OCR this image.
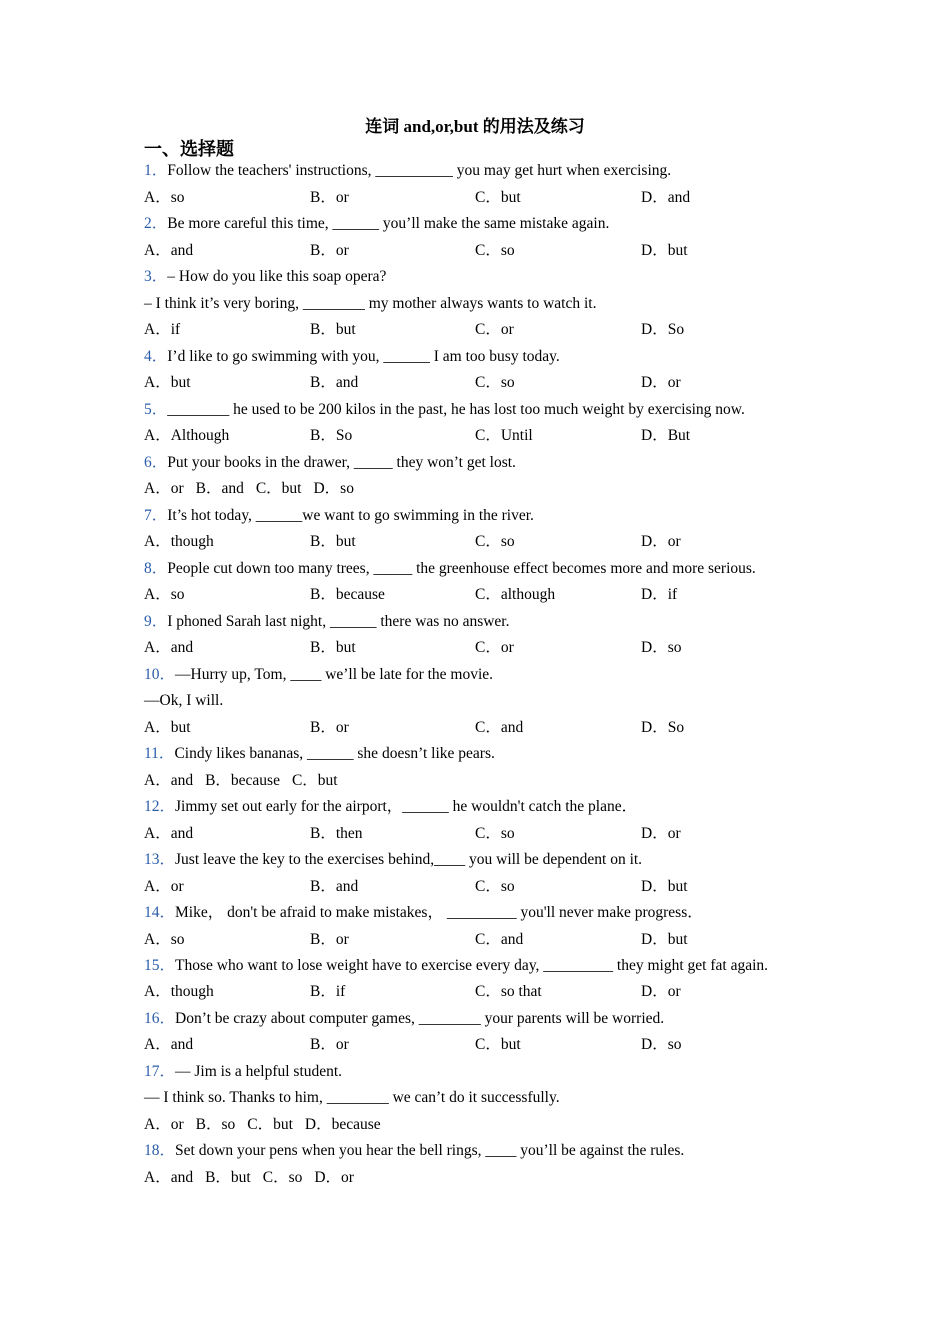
连词 and,or,but 的用法及练习
一、选择题
1．Follow the teachers' instructions, __________ you may get hurt when exercising.
A．so	B．or	C．but	D．and
2．Be more careful this time, ______ you’ll make the same mistake again.
A．and	B．or	C．so	D．but
3．– How do you like this soap opera?
– I think it’s very boring, ________ my mother always wants to watch it.
A．if	B．but	C．or	D．So
4．I’d like to go swimming with you, ______ I am too busy today.
A．but	B．and	C．so	D．or
5．________ he used to be 200 kilos in the past, he has lost too much weight by exercising now.
A．Although	B．So	C．Until	D．But
6．Put your books in the drawer, _____ they won’t get lost.
A．or B．and C．but D．so
7．It’s hot today, ______we want to go swimming in the river.
A．though	B．but	C．so	D．or
8．People cut down too many trees, _____ the greenhouse effect becomes more and more serious.
A．so	B．because	C．although	D．if
9．I phoned Sarah last night, ______ there was no answer.
A．and	B．but	C．or	D．so
10．—Hurry up, Tom, ____ we’ll be late for the movie.
—Ok, I will.
A．but	B．or	C．and	D．So
11．Cindy likes bananas, ______ she doesn’t like pears.
A．and B．because C．but
12．Jimmy set out early for the airport，______ he wouldn't catch the plane．
A．and	B．then	C．so	D．or
13．Just leave the key to the exercises behind,____ you will be dependent on it.
A．or	B．and	C．so	D．but
14．Mike， don't be afraid to make mistakes， _________ you'll never make progress．
A．so	B．or	C．and	D．but
15．Those who want to lose weight have to exercise every day, _________ they might get fat again.
A．though	B．if	C．so that	D．or
16．Don’t be crazy about computer games, ________ your parents will be worried.
A．and	B．or	C．but	D．so
17．— Jim is a helpful student.
— I think so. Thanks to him, ________ we can’t do it successfully.
A．or B．so C．but D．because
18．Set down your pens when you hear the bell rings, ____ you’ll be against the rules.
A．and B．but C．so D．or
